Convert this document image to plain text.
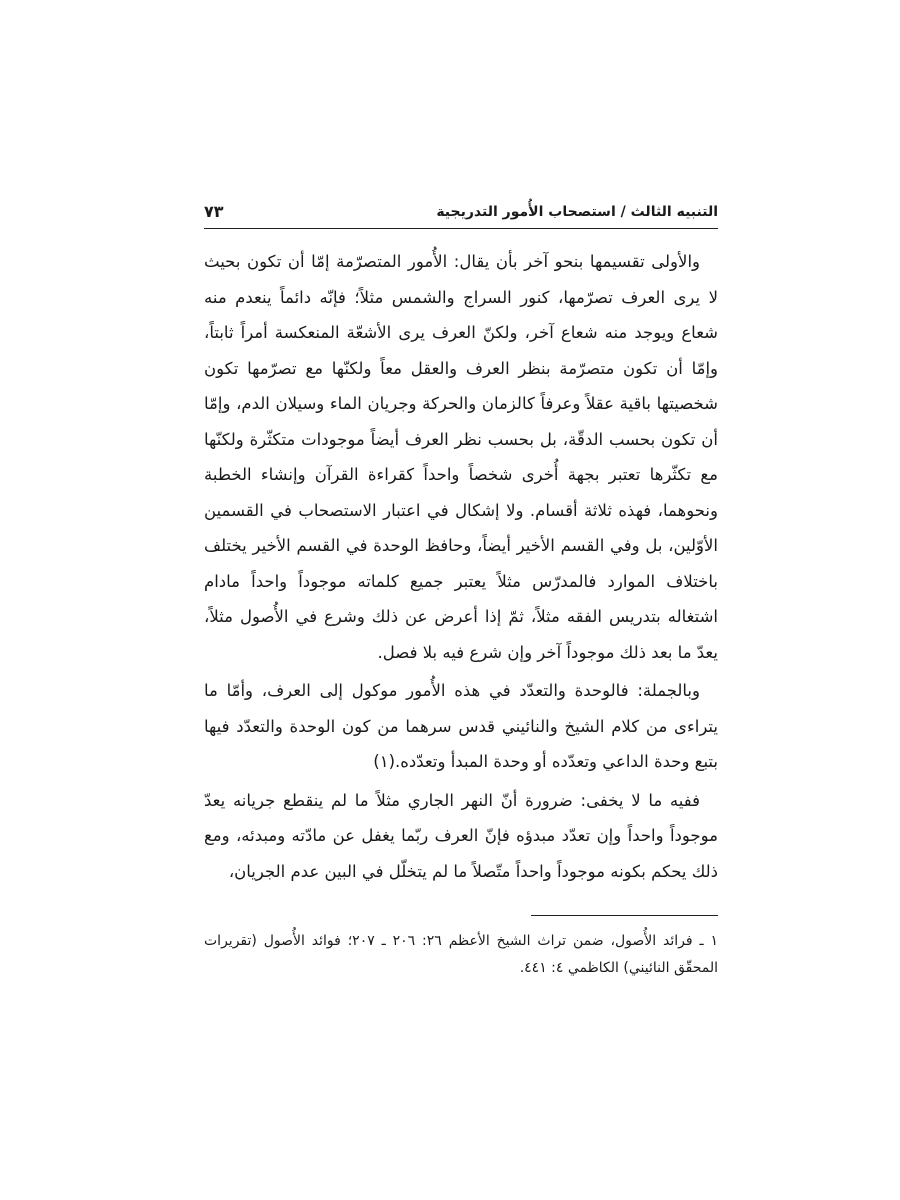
التنبيه الثالث / استصحاب الأُمور التدريجية
٧٣

والأولى تقسيمها بنحو آخر بأن يقال: الأُمور المتصرّمة إمّا أن تكون بحيث لا يرى العرف تصرّمها، كنور السراج والشمس مثلاً؛ فإنّه دائماً ينعدم منه شعاع ويوجد منه شعاع آخر، ولكنّ العرف يرى الأشعّة المنعكسة أمراً ثابتاً، وإمّا أن تكون متصرّمة بنظر العرف والعقل معاً ولكنّها مع تصرّمها تكون شخصيتها باقية عقلاً وعرفاً كالزمان والحركة وجريان الماء وسيلان الدم، وإمّا أن تكون بحسب الدقّة، بل بحسب نظر العرف أيضاً موجودات متكثّرة ولكنّها مع تكثّرها تعتبر بجهة أُخرى شخصاً واحداً كقراءة القرآن وإنشاء الخطبة ونحوهما، فهذه ثلاثة أقسام. ولا إشكال في اعتبار الاستصحاب في القسمين الأوّلين، بل وفي القسم الأخير أيضاً، وحافظ الوحدة في القسم الأخير يختلف باختلاف الموارد فالمدرّس مثلاً يعتبر جميع كلماته موجوداً واحداً مادام اشتغاله بتدريس الفقه مثلاً، ثمّ إذا أعرض عن ذلك وشرع في الأُصول مثلاً، يعدّ ما بعد ذلك موجوداً آخر وإن شرع فيه بلا فصل.

وبالجملة: فالوحدة والتعدّد في هذه الأُمور موكول إلى العرف، وأمّا ما يتراءى من كلام الشيخ والنائيني قدس سرهما من كون الوحدة والتعدّد فيها بتبع وحدة الداعي وتعدّده أو وحدة المبدأ وتعدّده.(١)

ففيه ما لا يخفى: ضرورة أنّ النهر الجاري مثلاً ما لم ينقطع جريانه يعدّ موجوداً واحداً وإن تعدّد مبدؤه فإنّ العرف ربّما يغفل عن مادّته ومبدئه، ومع ذلك يحكم بكونه موجوداً واحداً متّصلاً ما لم يتخلّل في البين عدم الجريان،

١ ـ فرائد الأُصول، ضمن تراث الشيخ الأعظم ٢٦: ٢٠٦ ـ ٢٠٧؛ فوائد الأُصول (تقريرات المحقّق النائيني) الكاظمي ٤: ٤٤١.
